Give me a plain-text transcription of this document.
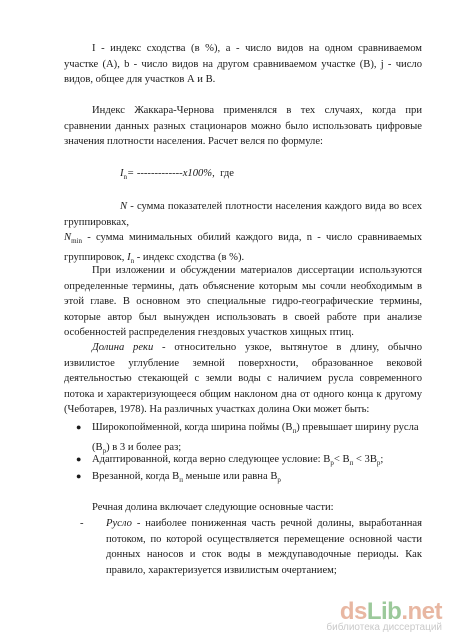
I - индекс сходства (в %), а - число видов на одном сравниваемом участке (А), b - число видов на другом сравниваемом участке (В), j - число видов, общее для участков А и В.

Индекс Жаккара-Чернова применялся в тех случаях, когда при сравнении данных разных стационаров можно было использовать цифровые значения плотности населения. Расчет велся по формуле:

$I_n= -------------х100\%$, где

N - сумма показателей плотности населения каждого вида во всех группировках,
$N_{min}$ - сумма минимальных обилий каждого вида, n - число сравниваемых группировок, $I_n$ - индекс сходства (в %).

При изложении и обсуждении материалов диссертации используются определенные термины, дать объяснение которым мы сочли необходимым в этой главе. В основном это специальные гидро-географические термины, которые автор был вынужден использовать в своей работе при анализе особенностей распределения гнездовых участков хищных птиц.

Долина реки - относительно узкое, вытянутое в длину, обычно извилистое углубление земной поверхности, образованное вековой деятельностью стекающей с земли воды с наличием русла современного потока и характеризующееся общим наклоном дна от одного конца к другому (Чеботарев, 1978). На различных участках долина Оки может быть:

● Широкопойменной, когда ширина поймы $(В_п)$ превышает ширину русла $(В_р)$ в 3 и более раз;
● Адаптированной, когда верно следующее условие: $В_р< В_п < 3В_р$;
● Врезанной, когда $В_п$ меньше или равна $В_р$

Речная долина включает следующие основные части:

- Русло - наиболее пониженная часть речной долины, выработанная потоком, по которой осуществляется перемещение основной части донных наносов и сток воды в междупаводочные периоды. Как правило, характеризуется извилистым очертанием;
dsLib.net
библиотека диссертаций
